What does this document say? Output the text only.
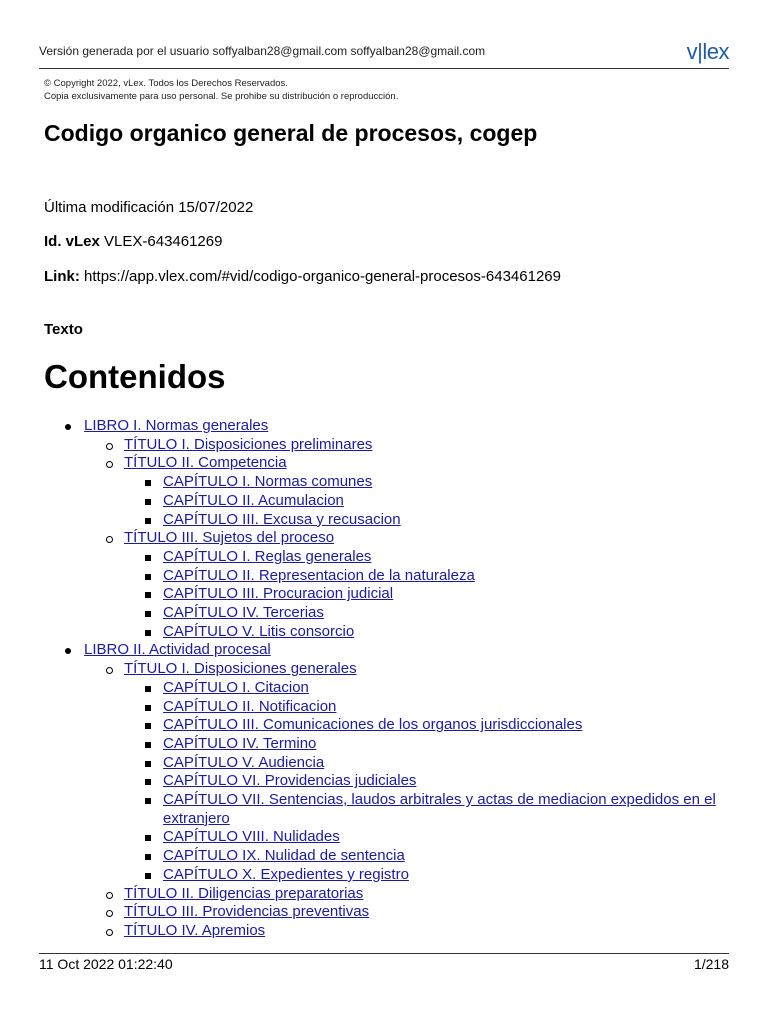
Versión generada por el usuario soffyalban28@gmail.com soffyalban28@gmail.com	v|lex
© Copyright 2022, vLex. Todos los Derechos Reservados.
Copia exclusivamente para uso personal. Se prohibe su distribución o reproducción.
Codigo organico general de procesos, cogep
Última modificación 15/07/2022
Id. vLex VLEX-643461269
Link: https://app.vlex.com/#vid/codigo-organico-general-procesos-643461269
Texto
Contenidos
LIBRO I. Normas generales
TÍTULO I. Disposiciones preliminares
TÍTULO II. Competencia
CAPÍTULO I. Normas comunes
CAPÍTULO II. Acumulacion
CAPÍTULO III. Excusa y recusacion
TÍTULO III. Sujetos del proceso
CAPÍTULO I. Reglas generales
CAPÍTULO II. Representacion de la naturaleza
CAPÍTULO III. Procuracion judicial
CAPÍTULO IV. Tercerias
CAPÍTULO V. Litis consorcio
LIBRO II. Actividad procesal
TÍTULO I. Disposiciones generales
CAPÍTULO I. Citacion
CAPÍTULO II. Notificacion
CAPÍTULO III. Comunicaciones de los organos jurisdiccionales
CAPÍTULO IV. Termino
CAPÍTULO V. Audiencia
CAPÍTULO VI. Providencias judiciales
CAPÍTULO VII. Sentencias, laudos arbitrales y actas de mediacion expedidos en el extranjero
CAPÍTULO VIII. Nulidades
CAPÍTULO IX. Nulidad de sentencia
CAPÍTULO X. Expedientes y registro
TÍTULO II. Diligencias preparatorias
TÍTULO III. Providencias preventivas
TÍTULO IV. Apremios
11 Oct 2022 01:22:40	1/218
